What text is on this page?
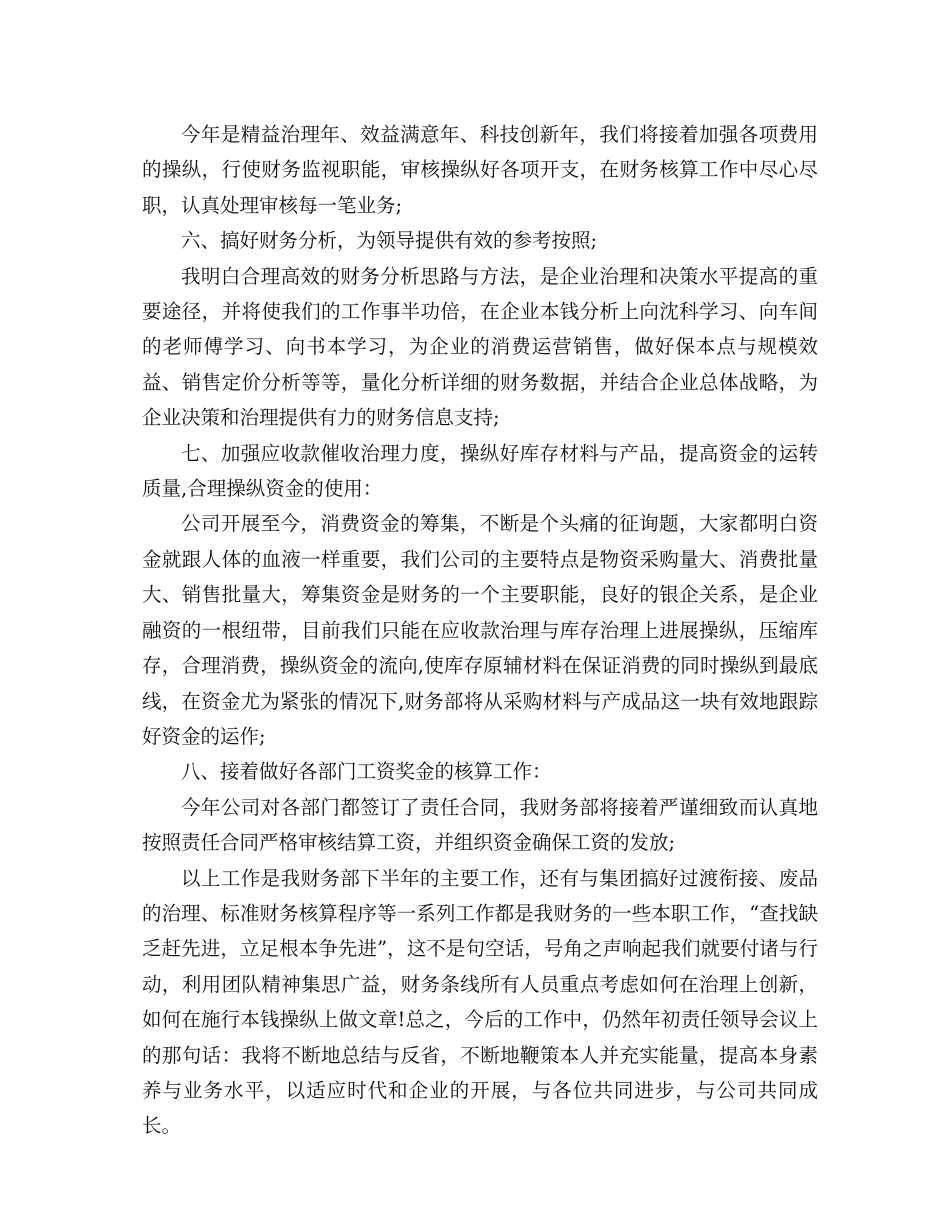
今年是精益治理年、效益满意年、科技创新年，我们将接着加强各项费用的操纵，行使财务监视职能，审核操纵好各项开支，在财务核算工作中尽心尽职，认真处理审核每一笔业务;

六、搞好财务分析，为领导提供有效的参考按照;

我明白合理高效的财务分析思路与方法，是企业治理和决策水平提高的重要途径，并将使我们的工作事半功倍，在企业本钱分析上向沈科学习、向车间的老师傅学习、向书本学习，为企业的消费运营销售，做好保本点与规模效益、销售定价分析等等，量化分析详细的财务数据，并结合企业总体战略，为企业决策和治理提供有力的财务信息支持;

七、加强应收款催收治理力度，操纵好库存材料与产品，提高资金的运转质量,合理操纵资金的使用：

公司开展至今，消费资金的筹集，不断是个头痛的征询题，大家都明白资金就跟人体的血液一样重要，我们公司的主要特点是物资采购量大、消费批量大、销售批量大，筹集资金是财务的一个主要职能，良好的银企关系，是企业融资的一根纽带，目前我们只能在应收款治理与库存治理上进展操纵，压缩库存，合理消费，操纵资金的流向,使库存原辅材料在保证消费的同时操纵到最底线，在资金尤为紧张的情况下,财务部将从采购材料与产成品这一块有效地跟踪好资金的运作;

八、接着做好各部门工资奖金的核算工作：

今年公司对各部门都签订了责任合同，我财务部将接着严谨细致而认真地按照责任合同严格审核结算工资，并组织资金确保工资的发放;

以上工作是我财务部下半年的主要工作，还有与集团搞好过渡衔接、废品的治理、标准财务核算程序等一系列工作都是我财务的一些本职工作，“查找缺乏赶先进，立足根本争先进”，这不是句空话，号角之声响起我们就要付诸与行动，利用团队精神集思广益，财务条线所有人员重点考虑如何在治理上创新，如何在施行本钱操纵上做文章!总之，今后的工作中，仍然年初责任领导会议上的那句话：我将不断地总结与反省，不断地鞭策本人并充实能量，提高本身素养与业务水平，以适应时代和企业的开展，与各位共同进步，与公司共同成长。
